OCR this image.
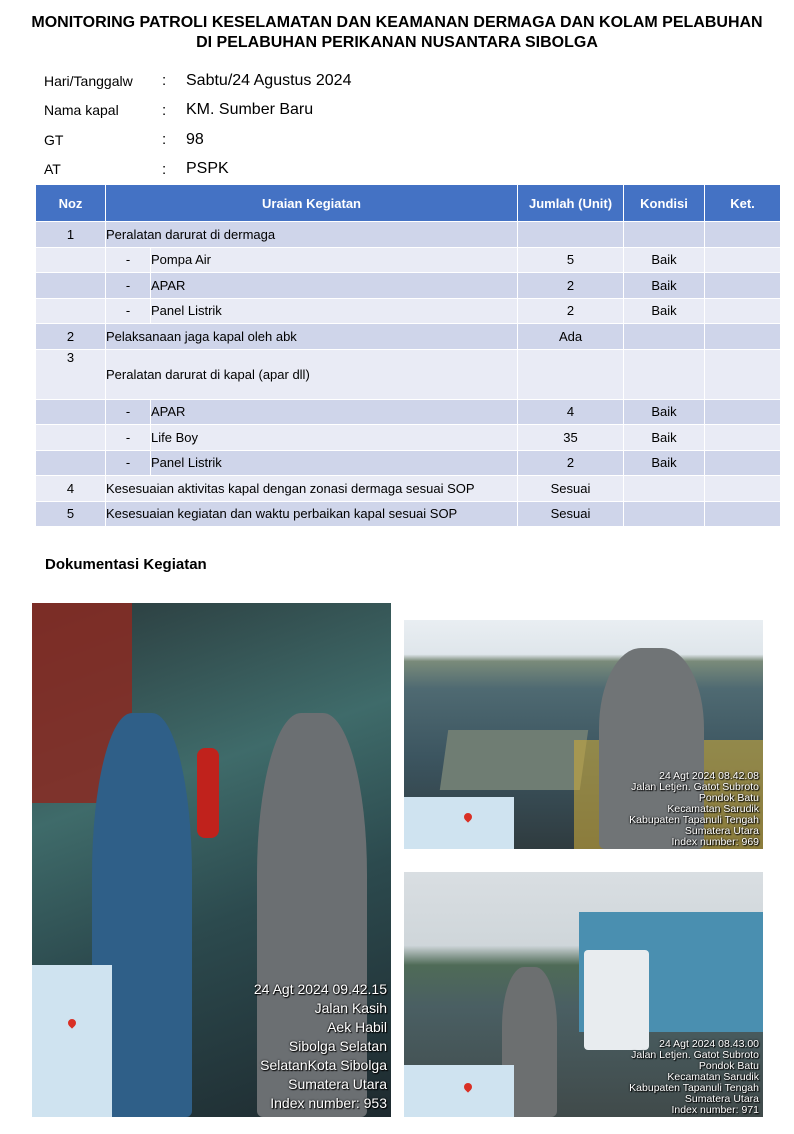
MONITORING PATROLI KESELAMATAN DAN KEAMANAN DERMAGA DAN KOLAM PELABUHAN
DI PELABUHAN PERIKANAN NUSANTARA SIBOLGA
Hari/Tanggalw	:	Sabtu/24 Agustus 2024
Nama kapal	:	KM. Sumber Baru
GT	:	98
AT	:	PSPK
Noz	Uraian Kegiatan		Jumlah (Unit)	Kondisi	Ket.
1	Peralatan darurat di dermaga				
	-	Pompa Air	5	Baik	
	-	APAR	2	Baik	
	-	Panel Listrik	2	Baik	
2	Pelaksanaan jaga kapal oleh abk		Ada		
3	Peralatan darurat di kapal (apar dll)				
	-	APAR	4	Baik	
	-	Life Boy	35	Baik	
	-	Panel Listrik	2	Baik	
4	Kesesuaian aktivitas kapal dengan zonasi dermaga sesuai SOP		Sesuai		
5	Kesesuaian kegiatan dan waktu perbaikan kapal sesuai SOP		Sesuai		
Dokumentasi Kegiatan
24 Agt 2024 09.42.15
Jalan Kasih
Aek Habil
Sibolga Selatan
SelatanKota Sibolga
Sumatera Utara
Index number: 953
24 Agt 2024 08.42.08
Jalan Letjen. Gatot Subroto
Pondok Batu
Kecamatan Sarudik
Kabupaten Tapanuli Tengah
Sumatera Utara
Index number: 969
24 Agt 2024 08.43.00
Jalan Letjen. Gatot Subroto
Pondok Batu
Kecamatan Sarudik
Kabupaten Tapanuli Tengah
Sumatera Utara
Index number: 971
